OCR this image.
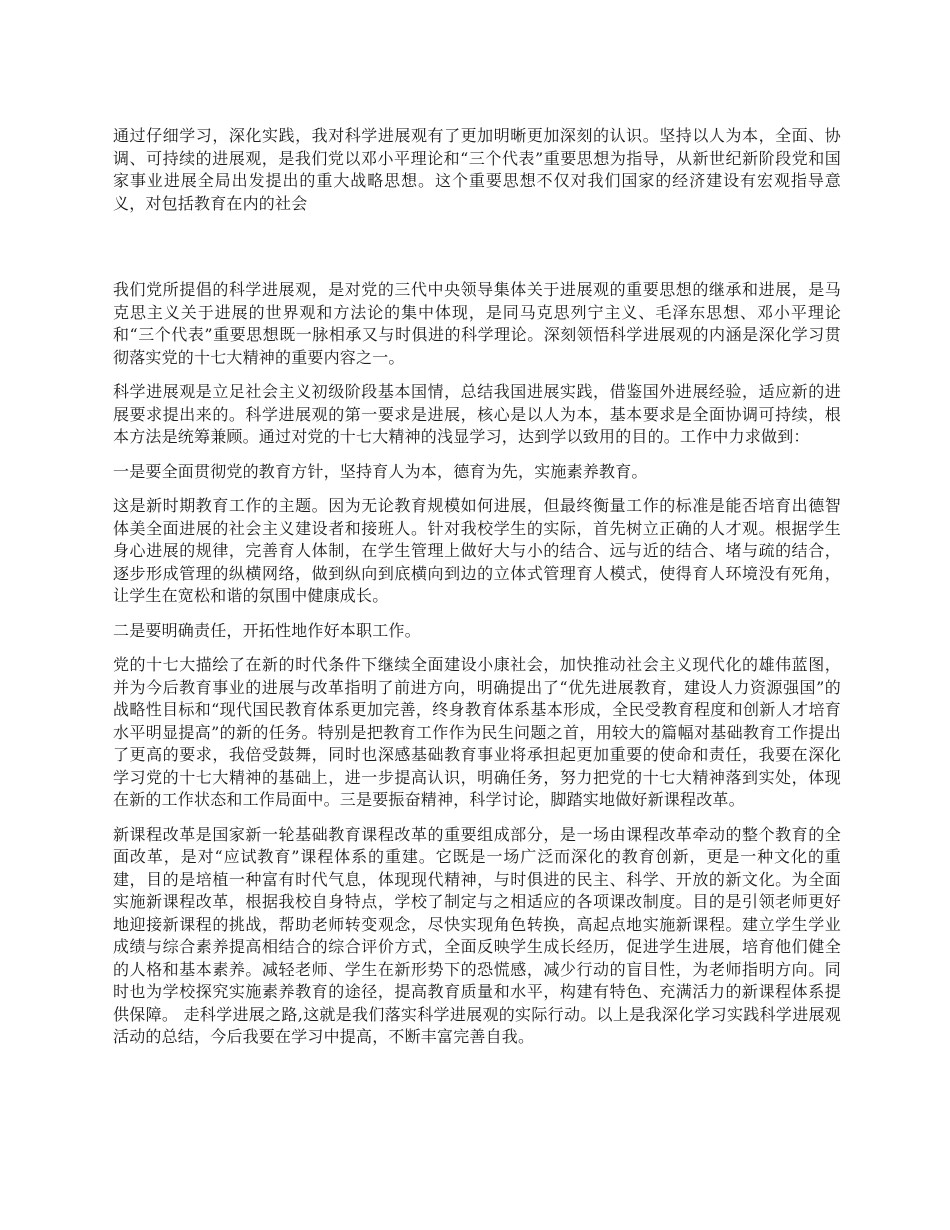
通过仔细学习，深化实践，我对科学进展观有了更加明晰更加深刻的认识。坚持以人为本，全面、协调、可持续的进展观，是我们党以邓小平理论和“三个代表”重要思想为指导，从新世纪新阶段党和国家事业进展全局出发提出的重大战略思想。这个重要思想不仅对我们国家的经济建设有宏观指导意义，对包括教育在内的社会

我们党所提倡的科学进展观，是对党的三代中央领导集体关于进展观的重要思想的继承和进展，是马克思主义关于进展的世界观和方法论的集中体现，是同马克思列宁主义、毛泽东思想、邓小平理论和“三个代表”重要思想既一脉相承又与时俱进的科学理论。深刻领悟科学进展观的内涵是深化学习贯彻落实党的十七大精神的重要内容之一。

科学进展观是立足社会主义初级阶段基本国情，总结我国进展实践，借鉴国外进展经验，适应新的进展要求提出来的。科学进展观的第一要求是进展，核心是以人为本，基本要求是全面协调可持续，根本方法是统筹兼顾。通过对党的十七大精神的浅显学习，达到学以致用的目的。工作中力求做到：

一是要全面贯彻党的教育方针，坚持育人为本，德育为先，实施素养教育。

这是新时期教育工作的主题。因为无论教育规模如何进展，但最终衡量工作的标准是能否培育出德智体美全面进展的社会主义建设者和接班人。针对我校学生的实际，首先树立正确的人才观。根据学生身心进展的规律，完善育人体制，在学生管理上做好大与小的结合、远与近的结合、堵与疏的结合，逐步形成管理的纵横网络，做到纵向到底横向到边的立体式管理育人模式，使得育人环境没有死角，让学生在宽松和谐的氛围中健康成长。

二是要明确责任，开拓性地作好本职工作。

党的十七大描绘了在新的时代条件下继续全面建设小康社会，加快推动社会主义现代化的雄伟蓝图，并为今后教育事业的进展与改革指明了前进方向，明确提出了“优先进展教育，建设人力资源强国”的战略性目标和“现代国民教育体系更加完善，终身教育体系基本形成，全民受教育程度和创新人才培育水平明显提高”的新的任务。特别是把教育工作作为民生问题之首，用较大的篇幅对基础教育工作提出了更高的要求，我倍受鼓舞，同时也深感基础教育事业将承担起更加重要的使命和责任，我要在深化学习党的十七大精神的基础上，进一步提高认识，明确任务，努力把党的十七大精神落到实处，体现在新的工作状态和工作局面中。三是要振奋精神，科学讨论，脚踏实地做好新课程改革。

新课程改革是国家新一轮基础教育课程改革的重要组成部分，是一场由课程改革牵动的整个教育的全面改革，是对“应试教育”课程体系的重建。它既是一场广泛而深化的教育创新，更是一种文化的重建，目的是培植一种富有时代气息，体现现代精神，与时俱进的民主、科学、开放的新文化。为全面实施新课程改革，根据我校自身特点，学校了制定与之相适应的各项课改制度。目的是引领老师更好地迎接新课程的挑战，帮助老师转变观念，尽快实现角色转换，高起点地实施新课程。建立学生学业成绩与综合素养提高相结合的综合评价方式，全面反映学生成长经历，促进学生进展，培育他们健全的人格和基本素养。减轻老师、学生在新形势下的恐慌感，减少行动的盲目性，为老师指明方向。同时也为学校探究实施素养教育的途径，提高教育质量和水平，构建有特色、充满活力的新课程体系提供保障。 走科学进展之路,这就是我们落实科学进展观的实际行动。以上是我深化学习实践科学进展观活动的总结，今后我要在学习中提高，不断丰富完善自我。
